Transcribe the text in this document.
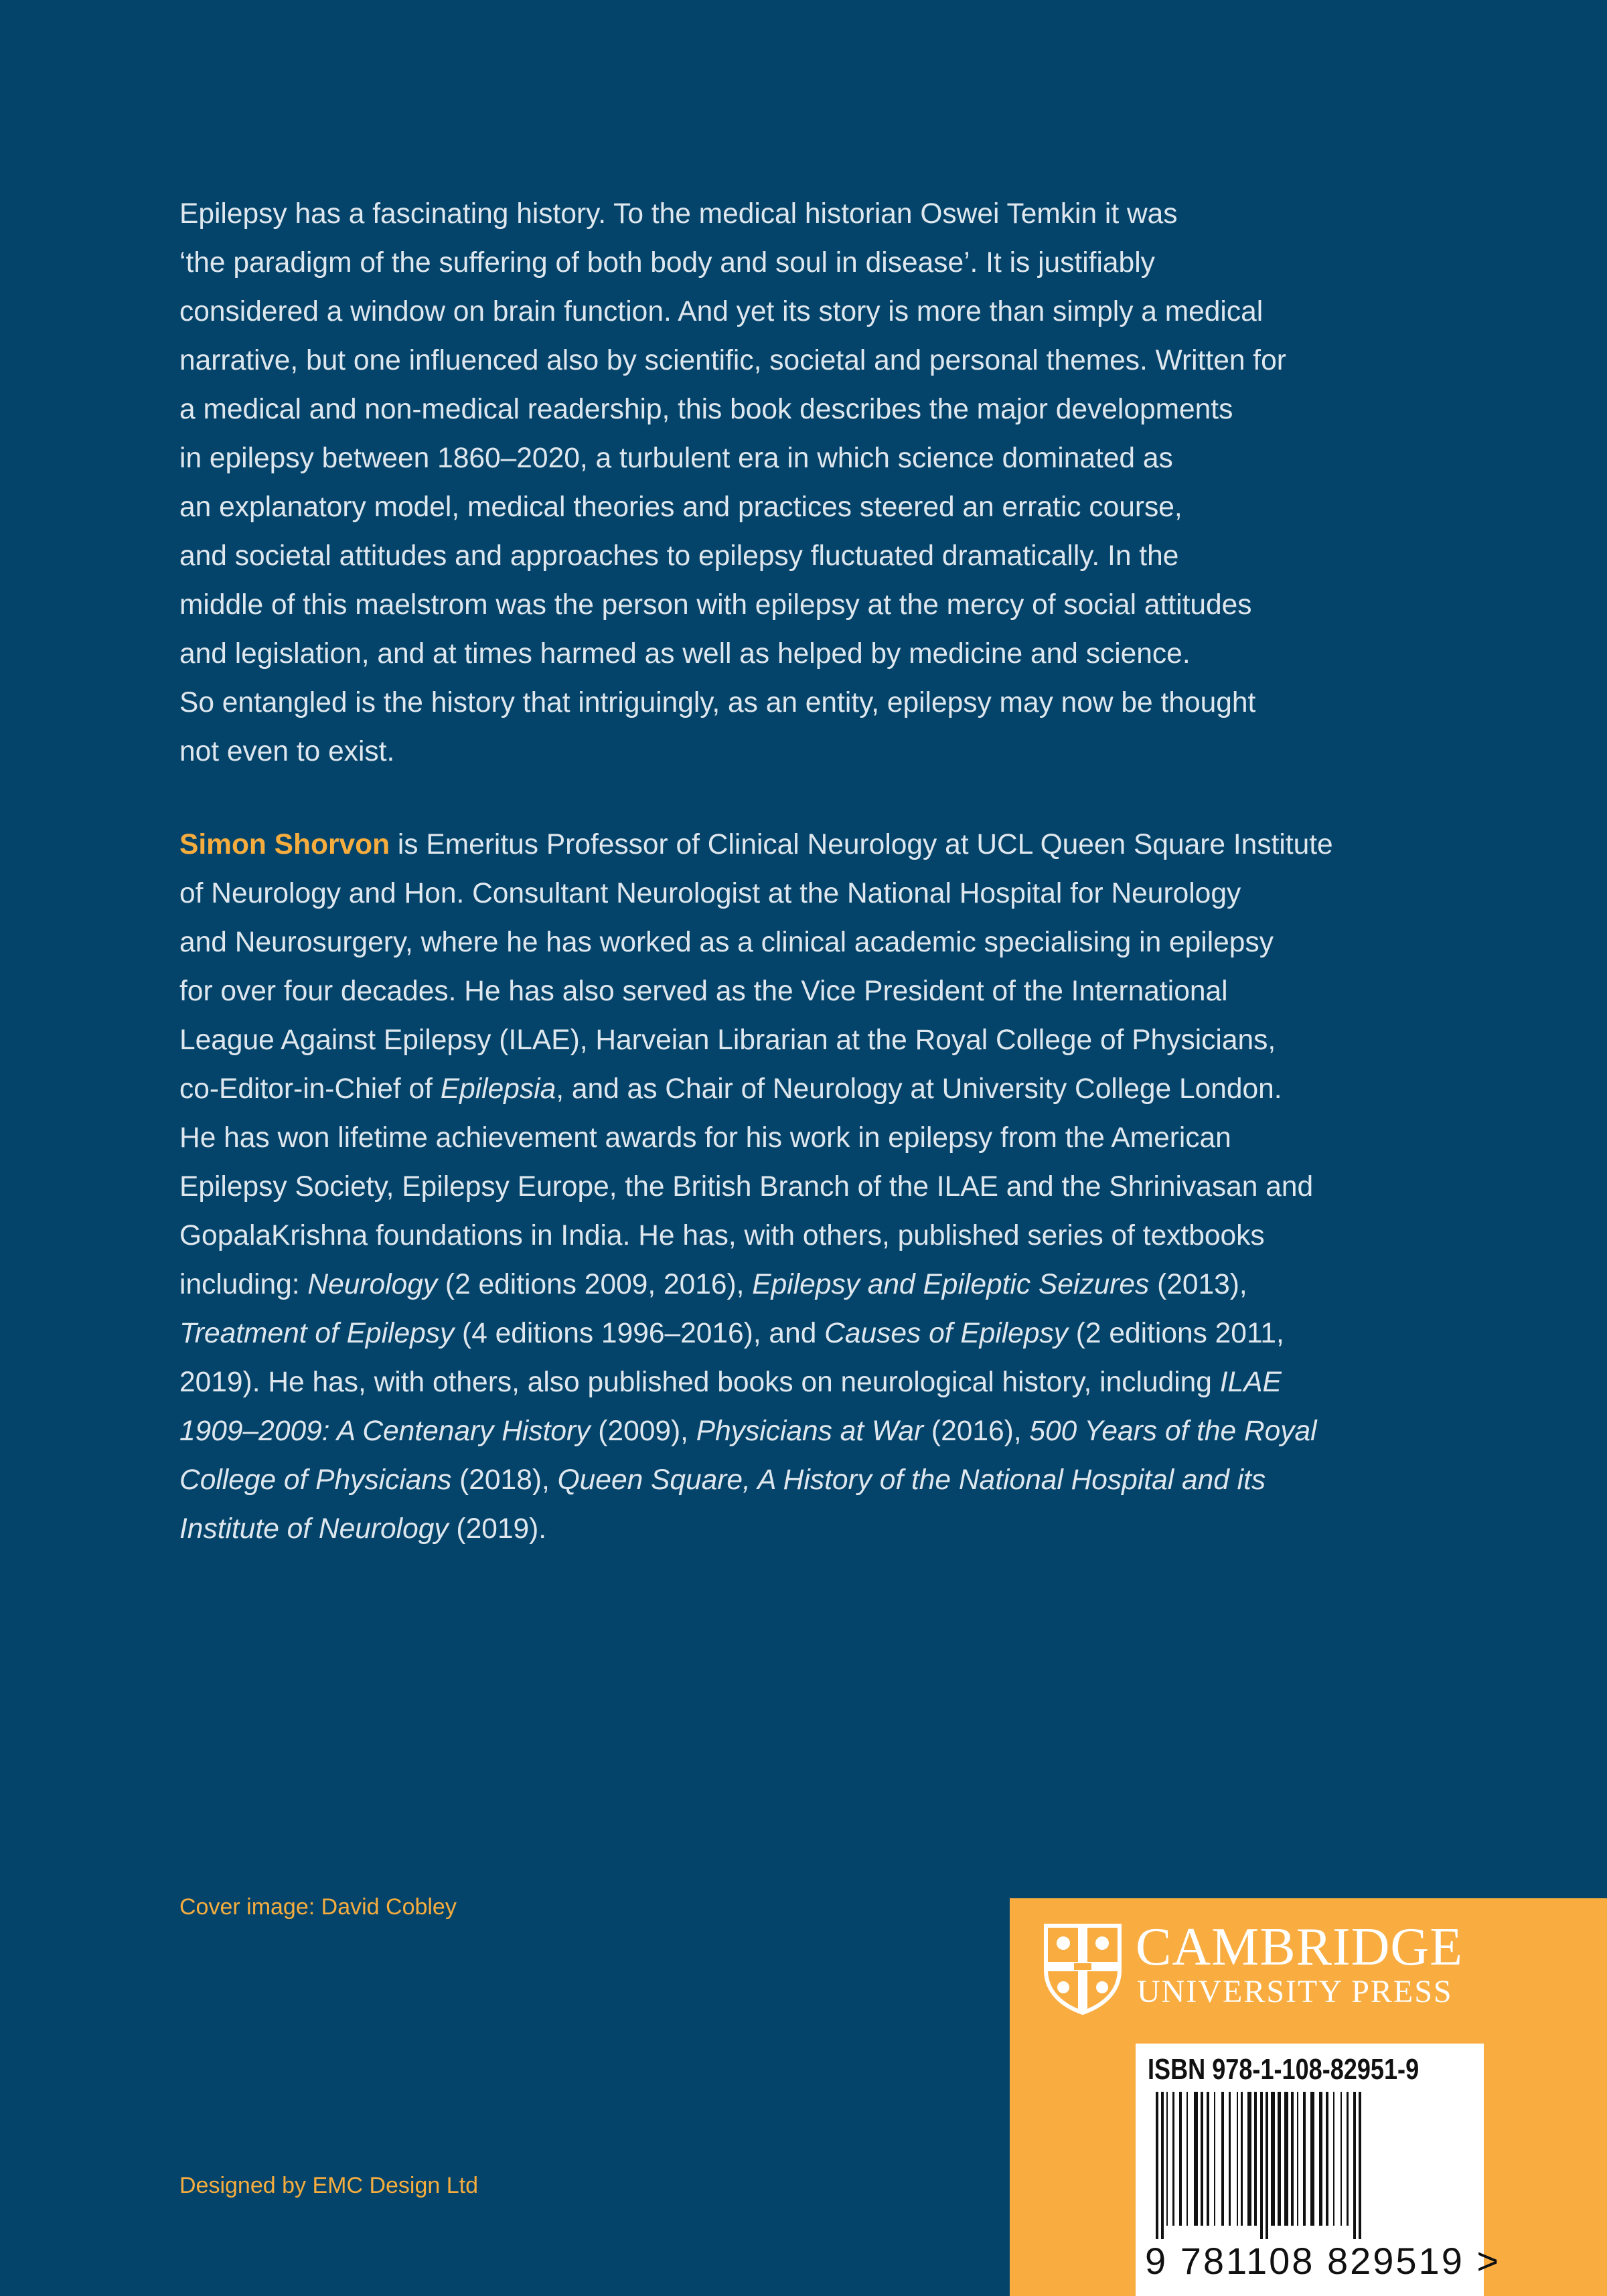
Epilepsy has a fascinating history. To the medical historian Oswei Temkin it was
‘the paradigm of the suffering of both body and soul in disease’. It is justifiably
considered a window on brain function. And yet its story is more than simply a medical
narrative, but one influenced also by scientific, societal and personal themes. Written for
a medical and non-medical readership, this book describes the major developments
in epilepsy between 1860–2020, a turbulent era in which science dominated as
an explanatory model, medical theories and practices steered an erratic course,
and societal attitudes and approaches to epilepsy fluctuated dramatically. In the
middle of this maelstrom was the person with epilepsy at the mercy of social attitudes
and legislation, and at times harmed as well as helped by medicine and science.
So entangled is the history that intriguingly, as an entity, epilepsy may now be thought
not even to exist.
Simon Shorvon is Emeritus Professor of Clinical Neurology at UCL Queen Square Institute
of Neurology and Hon. Consultant Neurologist at the National Hospital for Neurology
and Neurosurgery, where he has worked as a clinical academic specialising in epilepsy
for over four decades. He has also served as the Vice President of the International
League Against Epilepsy (ILAE), Harveian Librarian at the Royal College of Physicians,
co-Editor-in-Chief of Epilepsia, and as Chair of Neurology at University College London.
He has won lifetime achievement awards for his work in epilepsy from the American
Epilepsy Society, Epilepsy Europe, the British Branch of the ILAE and the Shrinivasan and
GopalaKrishna foundations in India. He has, with others, published series of textbooks
including: Neurology (2 editions 2009, 2016), Epilepsy and Epileptic Seizures (2013),
Treatment of Epilepsy (4 editions 1996–2016), and Causes of Epilepsy (2 editions 2011,
2019). He has, with others, also published books on neurological history, including ILAE
1909–2009: A Centenary History (2009), Physicians at War (2016), 500 Years of the Royal
College of Physicians (2018), Queen Square, A History of the National Hospital and its
Institute of Neurology (2019).

Cover image: David Cobley

Designed by EMC Design Ltd

CAMBRIDGE

UNIVERSITY PRESS

ISBN 978-1-108-82951-9

9 781108 829519 >
